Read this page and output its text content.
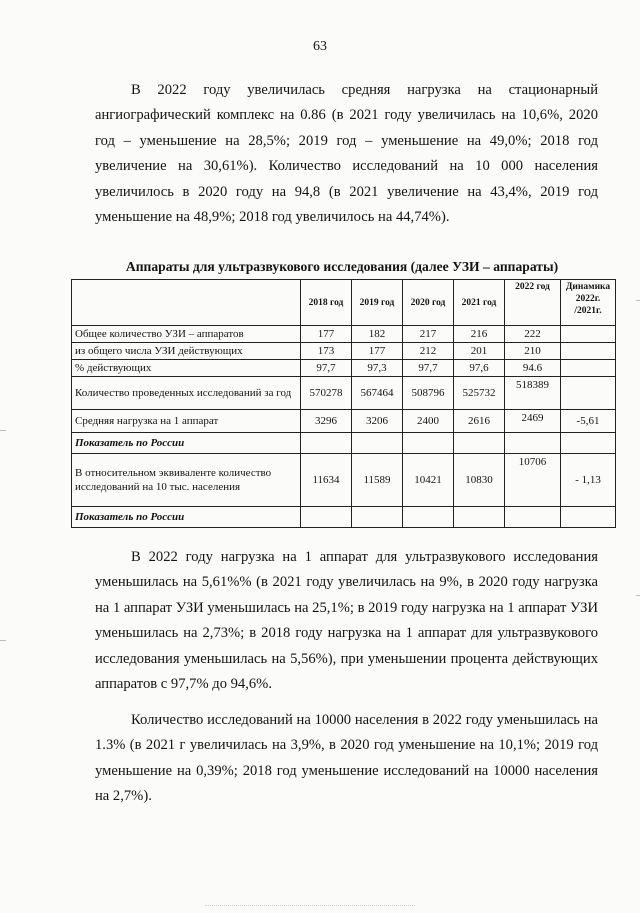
63

В 2022 году увеличилась средняя нагрузка на стационарный ангиографический комплекс на 0.86 (в 2021 году увеличилась на 10,6%, 2020 год – уменьшение на 28,5%; 2019 год – уменьшение на 49,0%; 2018 год увеличение на 30,61%). Количество исследований на 10 000 населения увеличилось в 2020 году на 94,8 (в 2021 увеличение на 43,4%, 2019 год уменьшение на 48,9%; 2018 год увеличилось на 44,74%).

Аппараты для ультразвукового исследования (далее УЗИ – аппараты)
	2018 год	2019 год	2020 год	2021 год	2022 год	Динамика 2022г. /2021г.
Общее количество УЗИ – аппаратов	177	182	217	216	222	
из общего числа УЗИ действующих	173	177	212	201	210	
% действующих	97,7	97,3	97,7	97,6	94.6	
Количество проведенных исследований за год	570278	567464	508796	525732	518389	
Средняя нагрузка на 1 аппарат	3296	3206	2400	2616	2469	-5,61
Показатель по России						
В относительном эквиваленте количество исследований на 10 тыс. населения	11634	11589	10421	10830	10706	- 1,13
Показатель по России						

В 2022 году нагрузка на 1 аппарат для ультразвукового исследования уменьшилась на 5,61%% (в 2021 году увеличилась на 9%, в 2020 году нагрузка на 1 аппарат УЗИ уменьшилась на 25,1%; в 2019 году нагрузка на 1 аппарат УЗИ уменьшилась на 2,73%; в 2018 году нагрузка на 1 аппарат для ультразвукового исследования уменьшилась на 5,56%), при уменьшении процента действующих аппаратов с 97,7% до 94,6%.

Количество исследований на 10000 населения в 2022 году уменьшилась на 1.3% (в 2021 г увеличилась на 3,9%, в 2020 год уменьшение на 10,1%; 2019 год уменьшение на 0,39%; 2018 год уменьшение исследований на 10000 населения на 2,7%).
